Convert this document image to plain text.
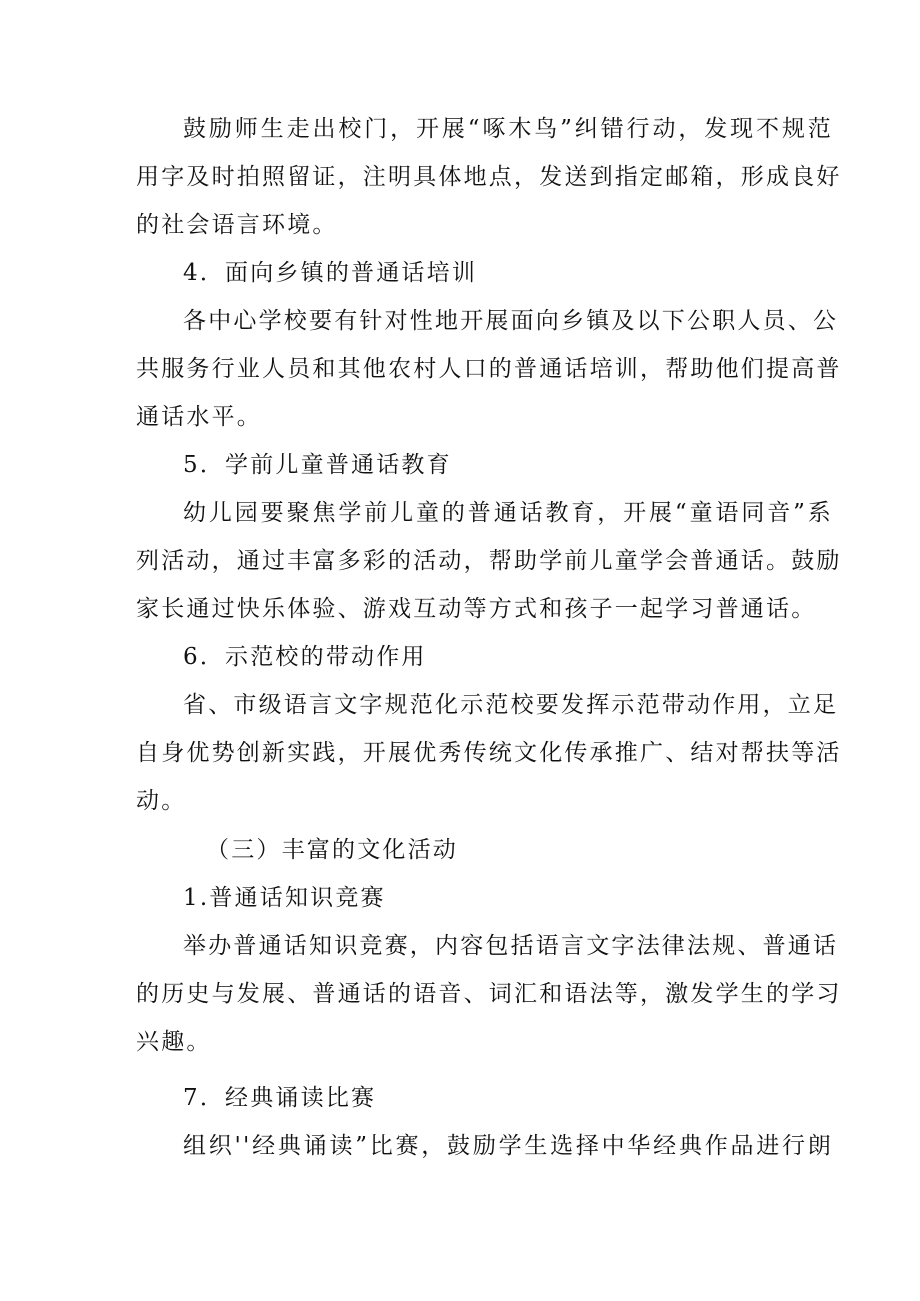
鼓励师生走出校门，开展“啄木鸟”纠错行动，发现不规范
用字及时拍照留证，注明具体地点，发送到指定邮箱，形成良好
的社会语言环境。
4．面向乡镇的普通话培训
各中心学校要有针对性地开展面向乡镇及以下公职人员、公
共服务行业人员和其他农村人口的普通话培训，帮助他们提高普
通话水平。
5．学前儿童普通话教育
幼儿园要聚焦学前儿童的普通话教育，开展“童语同音”系
列活动，通过丰富多彩的活动，帮助学前儿童学会普通话。鼓励
家长通过快乐体验、游戏互动等方式和孩子一起学习普通话。
6．示范校的带动作用
省、市级语言文字规范化示范校要发挥示范带动作用，立足
自身优势创新实践，开展优秀传统文化传承推广、结对帮扶等活
动。
（三）丰富的文化活动
1.普通话知识竞赛
举办普通话知识竞赛，内容包括语言文字法律法规、普通话
的历史与发展、普通话的语音、词汇和语法等，激发学生的学习
兴趣。
7．经典诵读比赛
组织''经典诵读”比赛，鼓励学生选择中华经典作品进行朗
